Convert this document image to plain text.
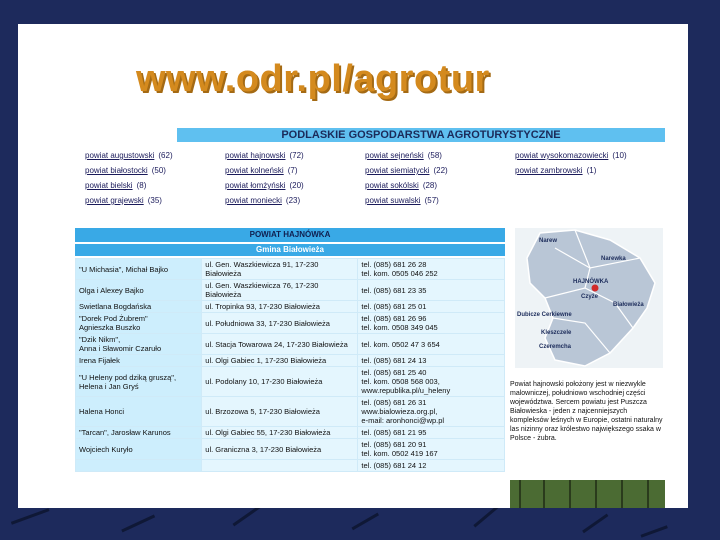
www.odr.pl/agrotur
PODLASKIE GOSPODARSTWA AGROTURYSTYCZNE
powiat augustowski (62)
powiat białostocki (50)
powiat bielski (8)
powiat grajewski (35)
powiat hajnowski (72)
powiat kolneński (7)
powiat łomżyński (20)
powiat moniecki (23)
powiat sejneński (58)
powiat siemiatycki (22)
powiat sokólski (28)
powiat suwalski (57)
powiat wysokomazowiecki (10)
powiat zambrowski (1)
POWIAT HAJNÓWKA
Gmina Białowieża
"U Michasia", Michał Bajko	ul. Gen. Waszkiewicza 91, 17-230 Białowieża	tel. (085) 681 26 28
tel. kom. 0505 046 252
Olga i Alexey Bajko	ul. Gen. Waszkiewicza 76, 17-230 Białowieża	tel. (085) 681 23 35
Swietlana Bogdańska	ul. Tropinka 93, 17-230 Białowieża	tel. (085) 681 25 01
"Dorek Pod Żubrem"
Agnieszka Buszko	ul. Południowa 33, 17-230 Białowieża	tel. (085) 681 26 96
tel. kom. 0508 349 045
"Dzik Nikm",
Anna i Sławomir Czaruło	ul. Stacja Towarowa 24, 17-230 Białowieża	tel. kom. 0502 47 3 654
Irena Fijałek	ul. Olgi Gabiec 1, 17-230 Białowieża	tel. (085) 681 24 13
"U Heleny pod dziką gruszą",
Helena i Jan Gryś	ul. Podolany 10, 17-230 Białowieża	tel. (085) 681 25 40
tel. kom. 0508 568 003,
www.republika.pl/u_heleny
Halena Honci	ul. Brzozowa 5, 17-230 Białowieża	tel. (085) 681 26 31
www.bialowieza.org.pl,
e-mail: aronhonci@wp.pl
"Tarcan", Jarosław Karunos	ul. Olgi Gabiec 55, 17-230 Białowieża	tel. (085) 681 21 95
Wojciech Kuryło	ul. Graniczna 3, 17-230 Białowieża	tel. (085) 681 20 91
tel. kom. 0502 419 167
		tel. (085) 681 24 12
Narew
Narewka
HAJNÓWKA
Czyże
Białowieża
Dubicze Cerkiewne
Kleszczele
Czeremcha
Powiat hajnowski położony jest w niezwykle malowniczej, południowo wschodniej części województwa. Sercem powiatu jest Puszcza Białowieska - jeden z najcenniejszych kompleksów leśnych w Europie, ostatni naturalny las nizinny oraz królestwo największego ssaka w Polsce - żubra.
